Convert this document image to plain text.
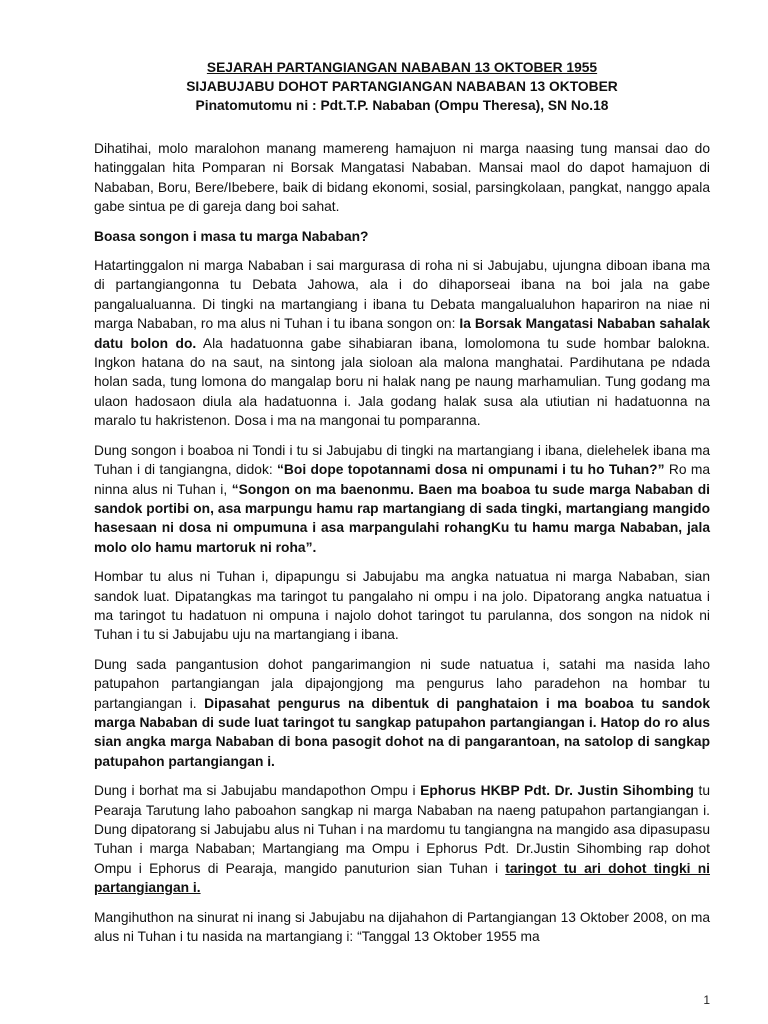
SEJARAH PARTANGIANGAN NABABAN 13 OKTOBER 1955
SIJABUJABU DOHOT PARTANGIANGAN NABABAN 13 OKTOBER
Pinatomutomu ni : Pdt.T.P. Nababan (Ompu Theresa), SN No.18

Dihatihai, molo maralohon manang mamereng hamajuon ni marga naasing tung mansai dao do hatinggalan hita Pomparan ni Borsak Mangatasi Nababan. Mansai maol do dapot hamajuon di Nababan, Boru, Bere/Ibebere, baik di bidang ekonomi, sosial, parsingkolaan, pangkat, nanggo apala gabe sintua pe di gareja dang boi sahat.

Boasa songon i masa tu marga Nababan?

Hatartinggalon ni marga Nababan i sai margurasa di roha ni si Jabujabu, ujungna diboan ibana ma di partangiangonna tu Debata Jahowa, ala i do dihaporseai ibana na boi jala na gabe pangalualuanna. Di tingki na martangiang i ibana tu Debata mangalualuhon hapariron na niae ni marga Nababan, ro ma alus ni Tuhan i tu ibana songon on: Ia Borsak Mangatasi Nababan sahalak datu bolon do. Ala hadatuonna gabe sihabiaran ibana, lomolomona tu sude hombar balokna. Ingkon hatana do na saut, na sintong jala sioloan ala malona manghatai. Pardihutana pe ndada holan sada, tung lomona do mangalap boru ni halak nang pe naung marhamulian. Tung godang ma ulaon hadosaon diula ala hadatuonna i. Jala godang halak susa ala utiutian ni hadatuonna na maralo tu hakristenon. Dosa i ma na mangonai tu pomparanna.

Dung songon i boaboa ni Tondi i tu si Jabujabu di tingki na martangiang i ibana, dielehelek ibana ma Tuhan i di tangiangna, didok: “Boi dope topotannami dosa ni ompunami i tu ho Tuhan?” Ro ma ninna alus ni Tuhan i, “Songon on ma baenonmu. Baen ma boaboa tu sude marga Nababan di sandok portibi on, asa marpungu hamu rap martangiang di sada tingki, martangiang mangido hasesaan ni dosa ni ompumuna i asa marpangulahi rohangKu tu hamu marga Nababan, jala molo olo hamu martoruk ni roha”.

Hombar tu alus ni Tuhan i, dipapungu si Jabujabu ma angka natuatua ni marga Nababan, sian sandok luat. Dipatangkas ma taringot tu pangalaho ni ompu i na jolo. Dipatorang angka natuatua i ma taringot tu hadatuon ni ompuna i najolo dohot taringot tu parulanna, dos songon na nidok ni Tuhan i tu si Jabujabu uju na martangiang i ibana.

Dung sada pangantusion dohot pangarimangion ni sude natuatua i, satahi ma nasida laho patupahon partangiangan jala dipajongjong ma pengurus laho paradehon na hombar tu partangiangan i. Dipasahat pengurus na dibentuk di panghataion i ma boaboa tu sandok marga Nababan di sude luat taringot tu sangkap patupahon partangiangan i. Hatop do ro alus sian angka marga Nababan di bona pasogit dohot na di pangarantoan, na satolop di sangkap patupahon partangiangan i.

Dung i borhat ma si Jabujabu mandapothon Ompu i Ephorus HKBP Pdt. Dr. Justin Sihombing tu Pearaja Tarutung laho paboahon sangkap ni marga Nababan na naeng patupahon partangiangan i. Dung dipatorang si Jabujabu alus ni Tuhan i na mardomu tu tangiangna na mangido asa dipasupasu Tuhan i marga Nababan; Martangiang ma Ompu i Ephorus Pdt. Dr.Justin Sihombing rap dohot Ompu i Ephorus di Pearaja, mangido panuturion sian Tuhan i taringot tu ari dohot tingki ni partangiangan i.

Mangihuthon na sinurat ni inang si Jabujabu na dijahahon di Partangiangan 13 Oktober 2008, on ma alus ni Tuhan i tu nasida na martangiang i: “Tanggal 13 Oktober 1955 ma

1
